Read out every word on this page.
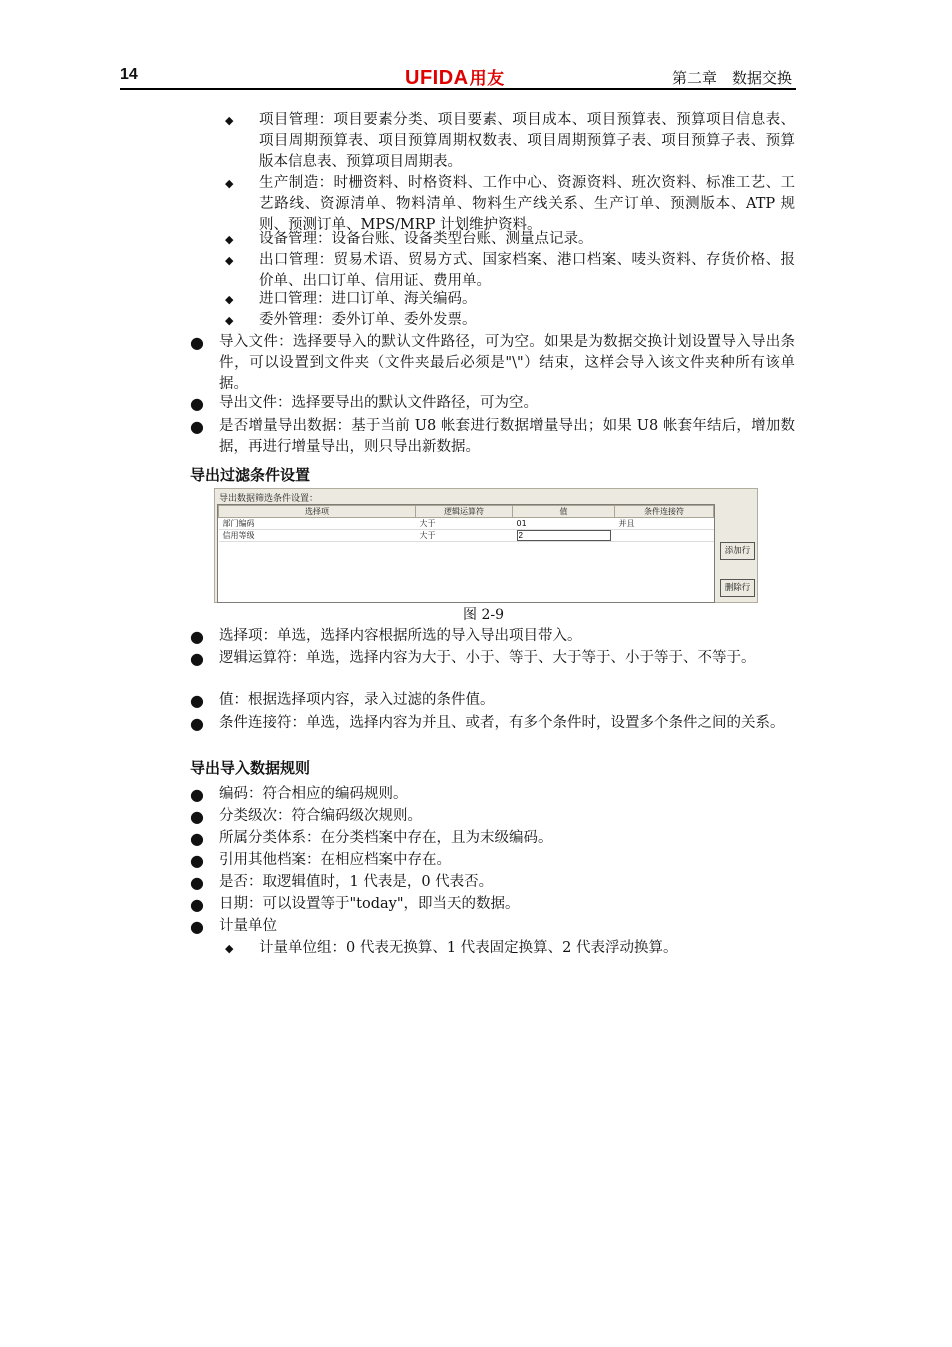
14	UFIDA用友	第二章　数据交换
◆ 项目管理：项目要素分类、项目要素、项目成本、项目预算表、预算项目信息表、项目周期预算表、项目预算周期权数表、项目周期预算子表、项目预算子表、预算版本信息表、预算项目周期表。
◆ 生产制造：时栅资料、时格资料、工作中心、资源资料、班次资料、标准工艺、工艺路线、资源清单、物料清单、物料生产线关系、生产订单、预测版本、ATP 规则、预测订单、MPS/MRP 计划维护资料。
◆ 设备管理：设备台账、设备类型台账、测量点记录。
◆ 出口管理：贸易术语、贸易方式、国家档案、港口档案、唛头资料、存货价格、报价单、出口订单、信用证、费用单。
◆ 进口管理：进口订单、海关编码。
◆ 委外管理：委外订单、委外发票。
● 导入文件：选择要导入的默认文件路径，可为空。如果是为数据交换计划设置导入导出条件，可以设置到文件夹（文件夹最后必须是"\"）结束，这样会导入该文件夹种所有该单据。
● 导出文件：选择要导出的默认文件路径，可为空。
● 是否增量导出数据：基于当前 U8 帐套进行数据增量导出；如果 U8 帐套年结后，增加数据，再进行增量导出，则只导出新数据。
导出过滤条件设置
导出数据筛选条件设置：
选择项	逻辑运算符	值	条件连接符
部门编码	大于	01	并且
信用等级	大于	2	
添加行
删除行
图 2-9
● 选择项：单选，选择内容根据所选的导入导出项目带入。
● 逻辑运算符：单选，选择内容为大于、小于、等于、大于等于、小于等于、不等于。
● 值：根据选择项内容，录入过滤的条件值。
● 条件连接符：单选，选择内容为并且、或者，有多个条件时，设置多个条件之间的关系。
导出导入数据规则
● 编码：符合相应的编码规则。
● 分类级次：符合编码级次规则。
● 所属分类体系：在分类档案中存在，且为末级编码。
● 引用其他档案：在相应档案中存在。
● 是否：取逻辑值时，1 代表是，0 代表否。
● 日期：可以设置等于"today"，即当天的数据。
● 计量单位
◆ 计量单位组：0 代表无换算、1 代表固定换算、2 代表浮动换算。
